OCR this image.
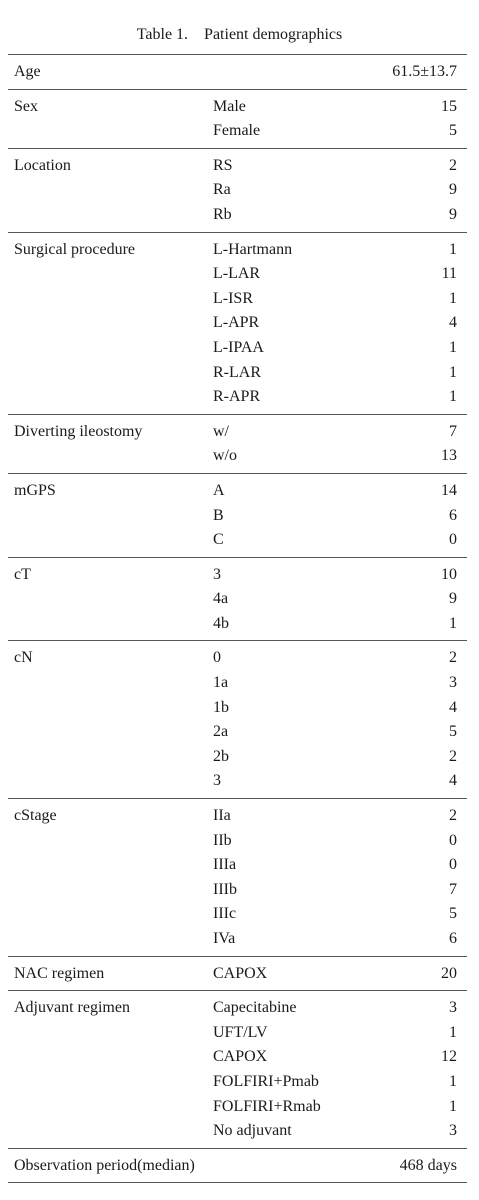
Table 1. Patient demographics
Age	61.5±13.7
Sex	Male	15
Female	5
Location	RS	2
Ra	9
Rb	9
Surgical procedure	L-Hartmann	1
L-LAR	11
L-ISR	1
L-APR	4
L-IPAA	1
R-LAR	1
R-APR	1
Diverting ileostomy	w/	7
w/o	13
mGPS	A	14
B	6
C	0
cT	3	10
4a	9
4b	1
cN	0	2
1a	3
1b	4
2a	5
2b	2
3	4
cStage	IIa	2
IIb	0
IIIa	0
IIIb	7
IIIc	5
IVa	6
NAC regimen	CAPOX	20
Adjuvant regimen	Capecitabine	3
UFT/LV	1
CAPOX	12
FOLFIRI+Pmab	1
FOLFIRI+Rmab	1
No adjuvant	3
Observation period(median)	468 days
